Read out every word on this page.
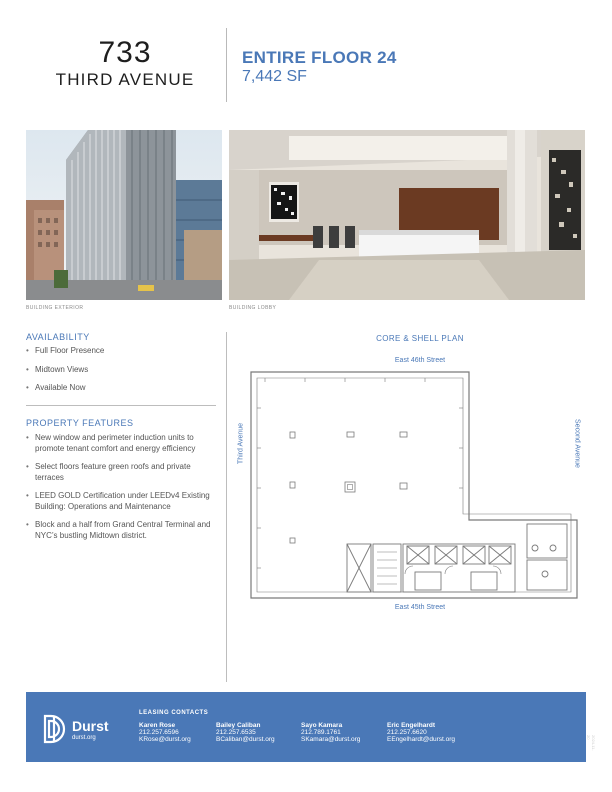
733
THIRD AVENUE
ENTIRE FLOOR 24
7,442 SF
BUILDING EXTERIOR	BUILDING LOBBY
AVAILABILITY
• Full Floor Presence
• Midtown Views
• Available Now
PROPERTY FEATURES
• New window and perimeter induction units to promote tenant comfort and energy efficiency
• Select floors feature green roofs and private terraces
• LEED GOLD Certification under LEEDv4 Existing Building: Operations and Maintenance
• Block and a half from Grand Central Terminal and NYC’s bustling Midtown district.
CORE & SHELL PLAN
East 46th Street
East 45th Street
Third Avenue	Second Avenue
Durst
durst.org
LEASING CONTACTS
Karen Rose
212.257.6596
KRose@durst.org
Bailey Caliban
212.257.6535
BCaliban@durst.org
Sayo Kamara
212.789.1761
SKamara@durst.org
Eric Engelhardt
212.257.6620
EEngelhardt@durst.org	2024-11-20
